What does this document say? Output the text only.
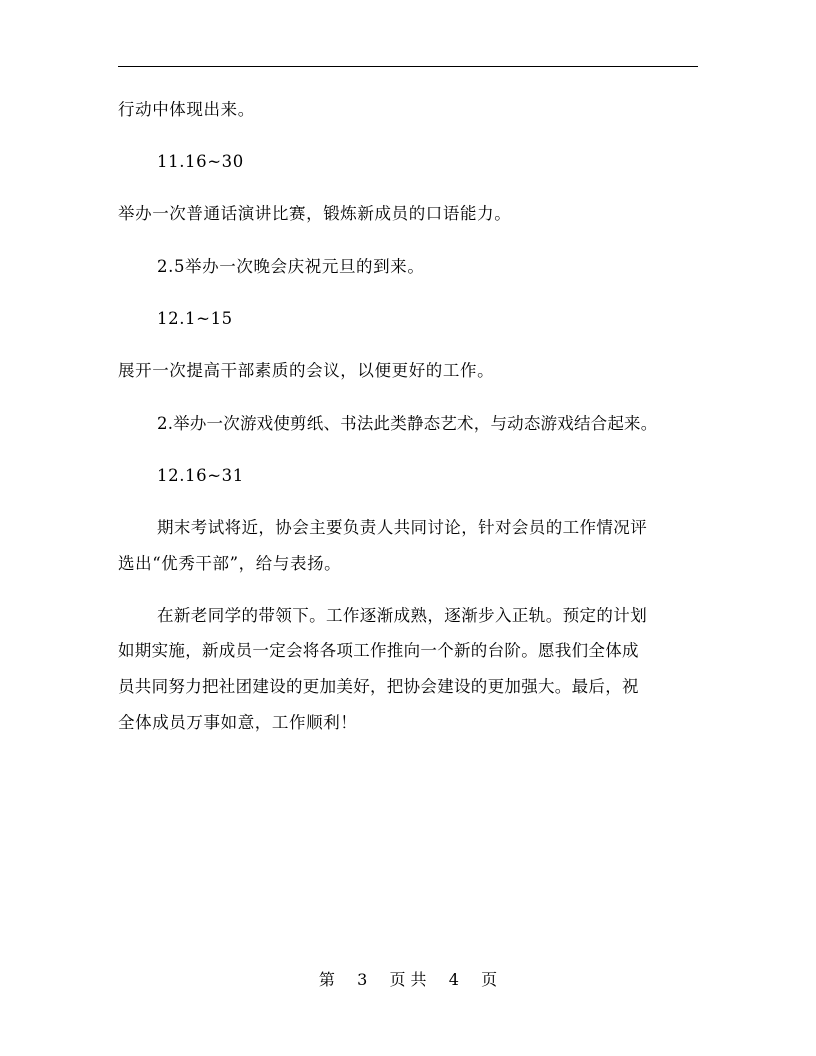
行动中体现出来。
11.16~30
举办一次普通话演讲比赛，锻炼新成员的口语能力。
2.5举办一次晚会庆祝元旦的到来。
12.1~15
展开一次提高干部素质的会议，以便更好的工作。
2.举办一次游戏使剪纸、书法此类静态艺术，与动态游戏结合起来。
12.16~31
期末考试将近，协会主要负责人共同讨论，针对会员的工作情况评
选出“优秀干部”，给与表扬。
在新老同学的带领下。工作逐渐成熟，逐渐步入正轨。预定的计划
如期实施，新成员一定会将各项工作推向一个新的台阶。愿我们全体成
员共同努力把社团建设的更加美好，把协会建设的更加强大。最后，祝
全体成员万事如意，工作顺利！
第 3 页 共 4 页
